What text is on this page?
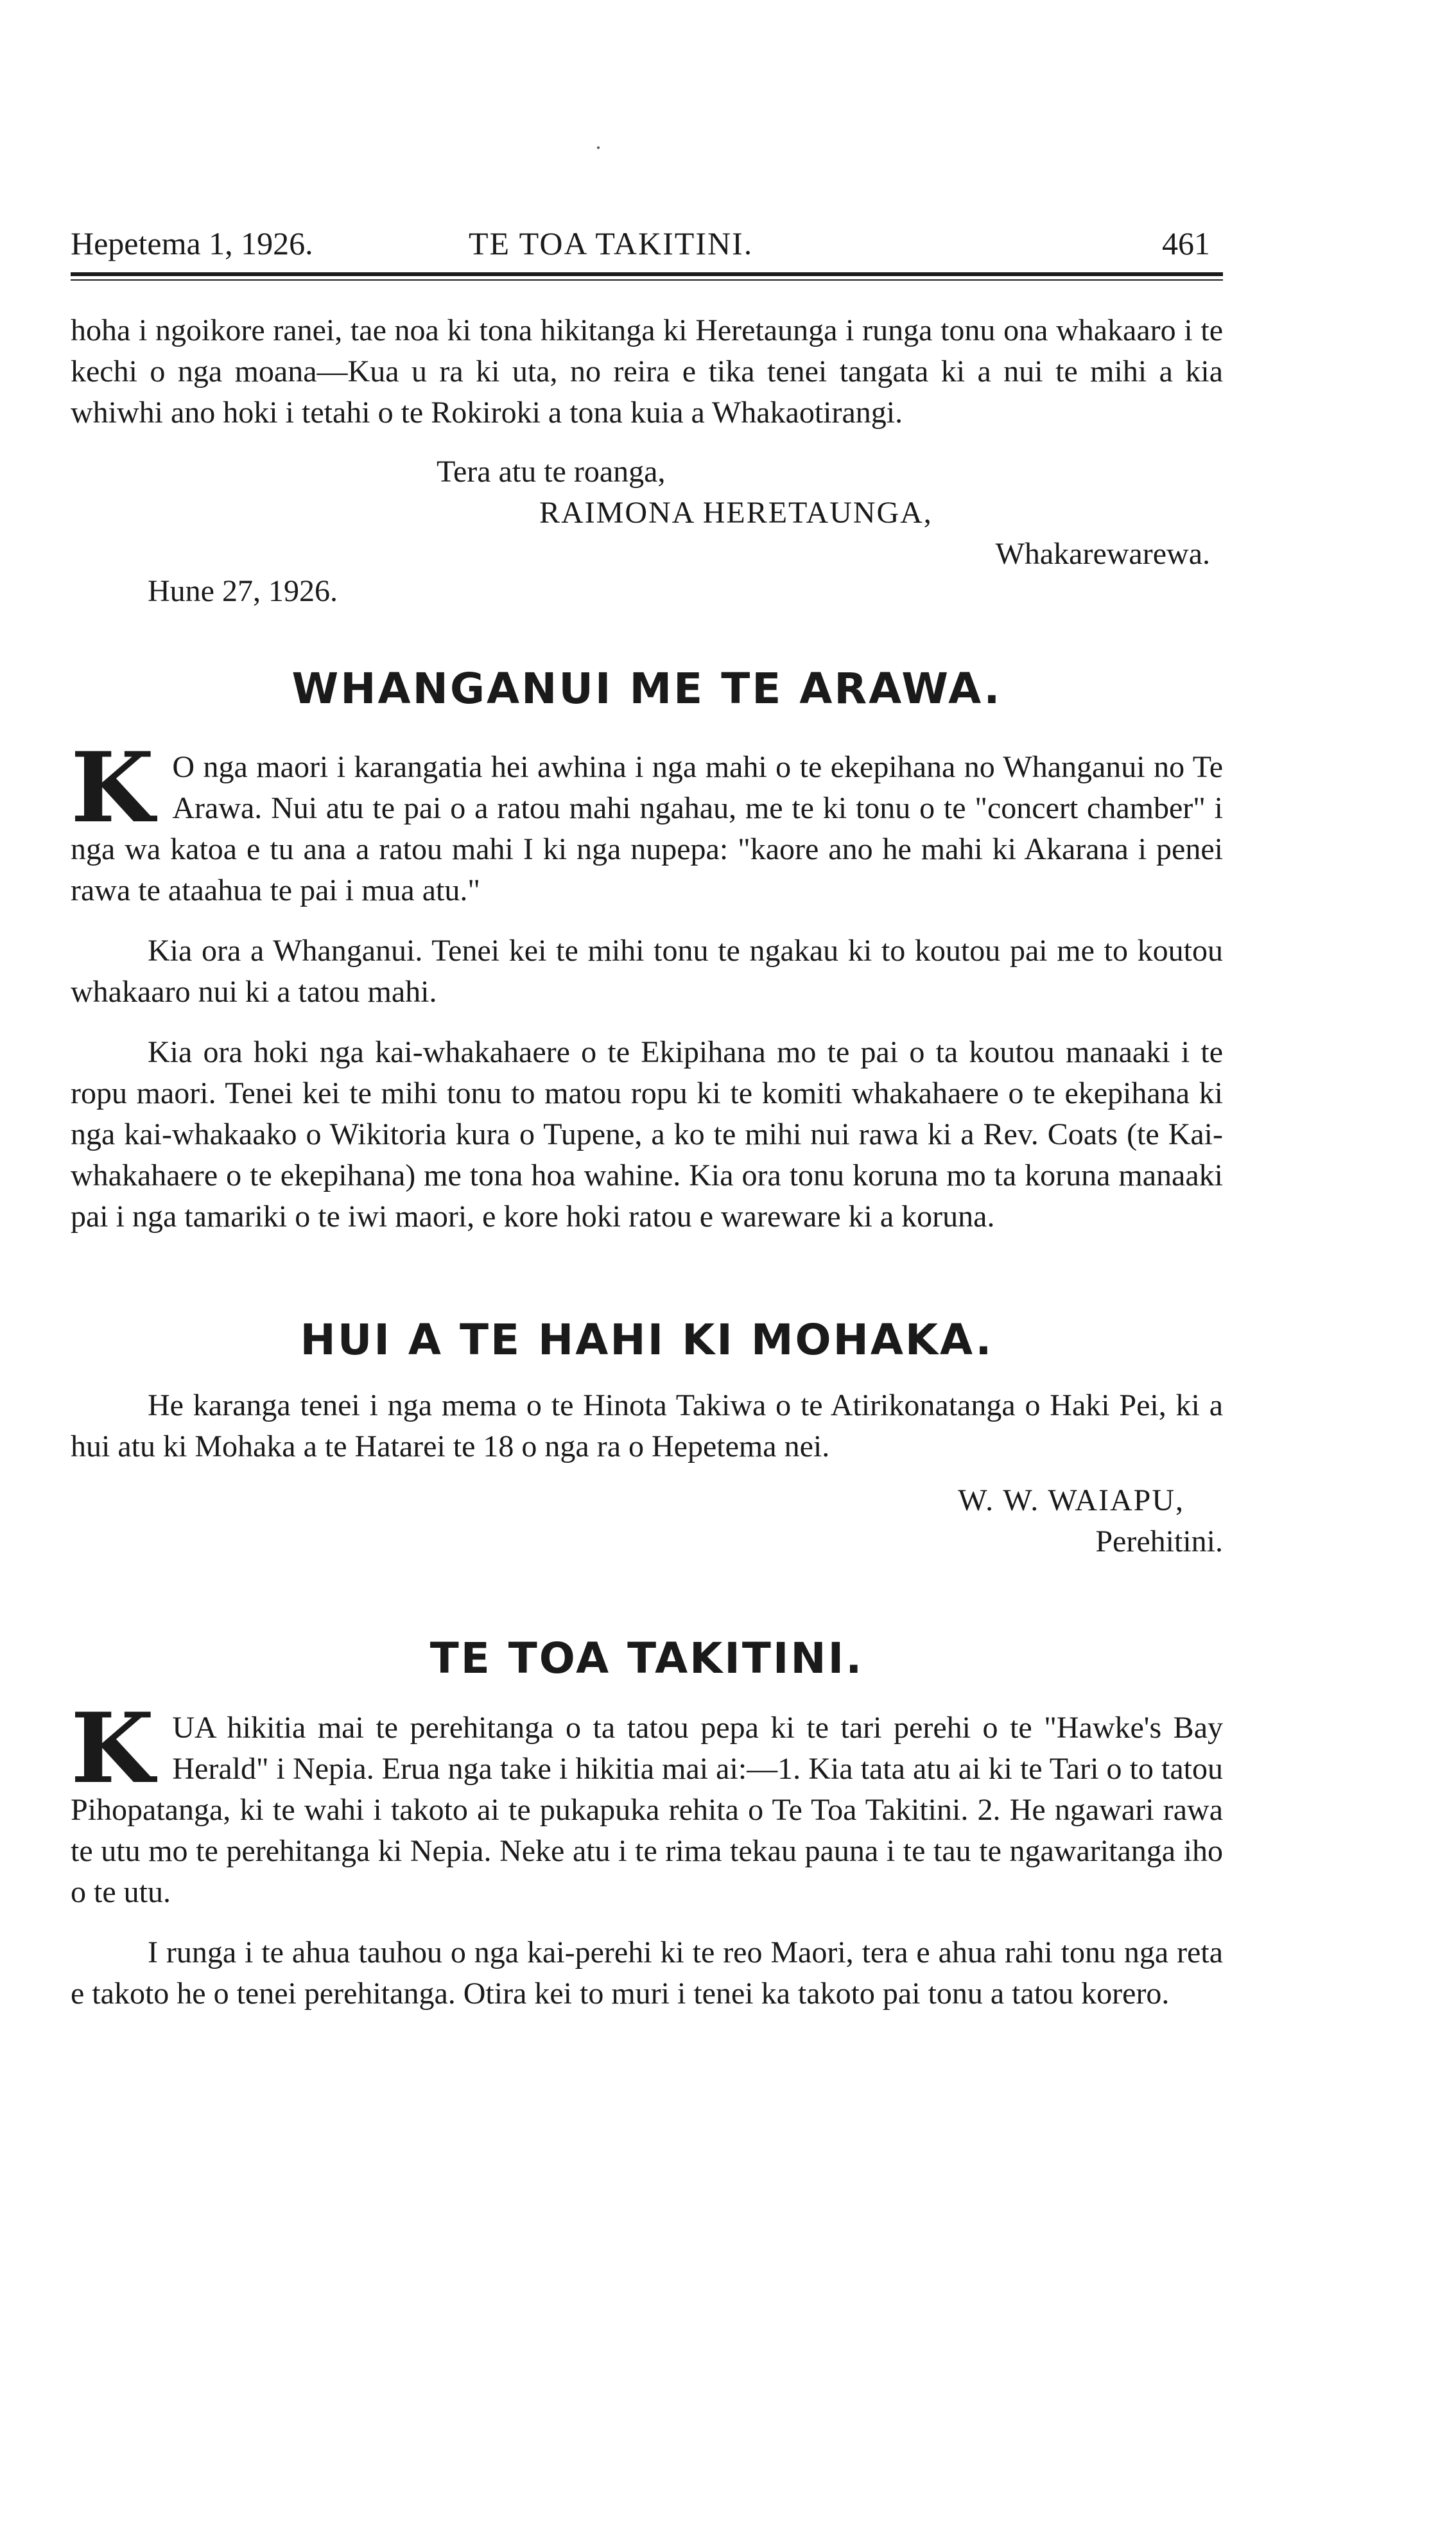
Hepetema 1, 1926.	TE TOA TAKITINI.	461

hoha i ngoikore ranei, tae noa ki tona hikitanga ki Heretaunga i runga tonu ona whakaaro i te kechi o nga moana—Kua u ra ki uta, no reira e tika tenei tangata ki a nui te mihi a kia whiwhi ano hoki i tetahi o te Rokiroki a tona kuia a Whakaotirangi.

Tera atu te roanga,
RAIMONA HERETAUNGA,
Whakarewarewa.
Hune 27, 1926.
WHANGANUI ME TE ARAWA.

K O nga maori i karangatia hei awhina i nga mahi o te ekepihana no Whanganui no Te Arawa. Nui atu te pai o a ratou mahi ngahau, me te ki tonu o te "concert chamber" i nga wa katoa e tu ana a ratou mahi I ki nga nupepa: "kaore ano he mahi ki Akarana i penei rawa te ataahua te pai i mua atu."

Kia ora a Whanganui. Tenei kei te mihi tonu te ngakau ki to koutou pai me to koutou whakaaro nui ki a tatou mahi.

Kia ora hoki nga kai-whakahaere o te Ekipihana mo te pai o ta koutou manaaki i te ropu maori. Tenei kei te mihi tonu to matou ropu ki te komiti whakahaere o te ekepihana ki nga kai-whakaako o Wikitoria kura o Tupene, a ko te mihi nui rawa ki a Rev. Coats (te Kai-whakahaere o te ekepihana) me tona hoa wahine. Kia ora tonu koruna mo ta koruna manaaki pai i nga tamariki o te iwi maori, e kore hoki ratou e wareware ki a koruna.

HUI A TE HAHI KI MOHAKA.

He karanga tenei i nga mema o te Hinota Takiwa o te Atirikonatanga o Haki Pei, ki a hui atu ki Mohaka a te Hatarei te 18 o nga ra o Hepetema nei.

W. W. WAIAPU,
Perehitini.
TE TOA TAKITINI.

KUA hikitia mai te perehitanga o ta tatou pepa ki te tari perehi o te "Hawke's Bay Herald" i Nepia. Erua nga take i hikitia mai ai:—1. Kia tata atu ai ki te Tari o to tatou Pihopatanga, ki te wahi i takoto ai te pukapuka rehita o Te Toa Takitini. 2. He ngawari rawa te utu mo te perehitanga ki Nepia. Neke atu i te rima tekau pauna i te tau te ngawaritanga iho o te utu.

I runga i te ahua tauhou o nga kai-perehi ki te reo Maori, tera e ahua rahi tonu nga reta e takoto he o tenei perehitanga. Otira kei to muri i tenei ka takoto pai tonu a tatou korero.
